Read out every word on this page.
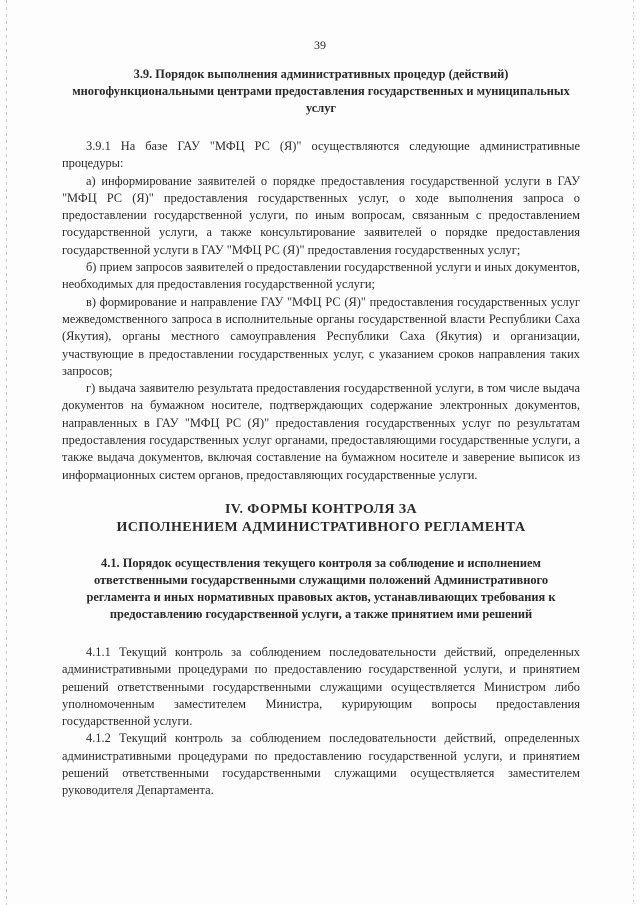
39

3.9. Порядок выполнения административных процедур (действий) многофункциональными центрами предоставления государственных и муниципальных услуг

3.9.1 На базе ГАУ "МФЦ РС (Я)" осуществляются следующие административные процедуры:

а) информирование заявителей о порядке предоставления государственной услуги в ГАУ "МФЦ РС (Я)" предоставления государственных услуг, о ходе выполнения запроса о предоставлении государственной услуги, по иным вопросам, связанным с предоставлением государственной услуги, а также консультирование заявителей о порядке предоставления государственной услуги в ГАУ "МФЦ РС (Я)" предоставления государственных услуг;

б) прием запросов заявителей о предоставлении государственной услуги и иных документов, необходимых для предоставления государственной услуги;

в) формирование и направление ГАУ "МФЦ РС (Я)" предоставления государственных услуг межведомственного запроса в исполнительные органы государственной власти Республики Саха (Якутия), органы местного самоуправления Республики Саха (Якутия) и организации, участвующие в предоставлении государственных услуг, с указанием сроков направления таких запросов;

г) выдача заявителю результата предоставления государственной услуги, в том числе выдача документов на бумажном носителе, подтверждающих содержание электронных документов, направленных в ГАУ "МФЦ РС (Я)" предоставления государственных услуг по результатам предоставления государственных услуг органами, предоставляющими государственные услуги, а также выдача документов, включая составление на бумажном носителе и заверение выписок из информационных систем органов, предоставляющих государственные услуги.

IV. ФОРМЫ КОНТРОЛЯ ЗА
ИСПОЛНЕНИЕМ АДМИНИСТРАТИВНОГО РЕГЛАМЕНТА

4.1. Порядок осуществления текущего контроля за соблюдение и исполнением ответственными государственными служащими положений Административного регламента и иных нормативных правовых актов, устанавливающих требования к предоставлению государственной услуги, а также принятием ими решений

4.1.1 Текущий контроль за соблюдением последовательности действий, определенных административными процедурами по предоставлению государственной услуги, и принятием решений ответственными государственными служащими осуществляется Министром либо уполномоченным заместителем Министра, курирующим вопросы предоставления государственной услуги.

4.1.2 Текущий контроль за соблюдением последовательности действий, определенных административными процедурами по предоставлению государственной услуги, и принятием решений ответственными государственными служащими осуществляется заместителем руководителя Департамента.
